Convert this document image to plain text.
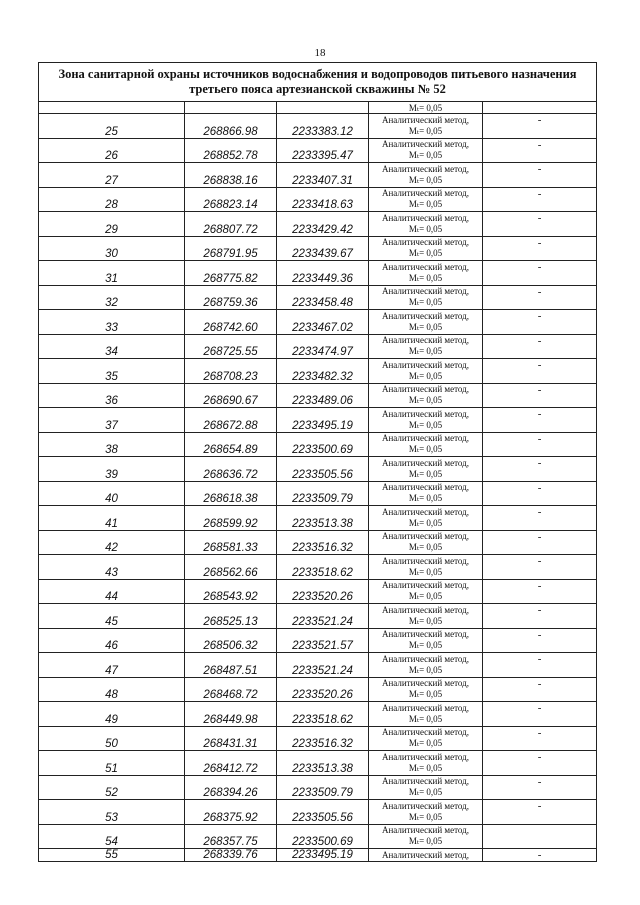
18
Зона санитарной охраны источников водоснабжения и водопроводов питьевого назначения третьего пояса артезианской скважины № 52				
			Мₜ= 0,05	
25	268866.98	2233383.12	Аналитический метод,
Мₜ= 0,05	-
26	268852.78	2233395.47	Аналитический метод,
Мₜ= 0,05	-
27	268838.16	2233407.31	Аналитический метод,
Мₜ= 0,05	-
28	268823.14	2233418.63	Аналитический метод,
Мₜ= 0,05	-
29	268807.72	2233429.42	Аналитический метод,
Мₜ= 0,05	-
30	268791.95	2233439.67	Аналитический метод,
Мₜ= 0,05	-
31	268775.82	2233449.36	Аналитический метод,
Мₜ= 0,05	-
32	268759.36	2233458.48	Аналитический метод,
Мₜ= 0,05	-
33	268742.60	2233467.02	Аналитический метод,
Мₜ= 0,05	-
34	268725.55	2233474.97	Аналитический метод,
Мₜ= 0,05	-
35	268708.23	2233482.32	Аналитический метод,
Мₜ= 0,05	-
36	268690.67	2233489.06	Аналитический метод,
Мₜ= 0,05	-
37	268672.88	2233495.19	Аналитический метод,
Мₜ= 0,05	-
38	268654.89	2233500.69	Аналитический метод,
Мₜ= 0,05	-
39	268636.72	2233505.56	Аналитический метод,
Мₜ= 0,05	-
40	268618.38	2233509.79	Аналитический метод,
Мₜ= 0,05	-
41	268599.92	2233513.38	Аналитический метод,
Мₜ= 0,05	-
42	268581.33	2233516.32	Аналитический метод,
Мₜ= 0,05	-
43	268562.66	2233518.62	Аналитический метод,
Мₜ= 0,05	-
44	268543.92	2233520.26	Аналитический метод,
Мₜ= 0,05	-
45	268525.13	2233521.24	Аналитический метод,
Мₜ= 0,05	-
46	268506.32	2233521.57	Аналитический метод,
Мₜ= 0,05	-
47	268487.51	2233521.24	Аналитический метод,
Мₜ= 0,05	-
48	268468.72	2233520.26	Аналитический метод,
Мₜ= 0,05	-
49	268449.98	2233518.62	Аналитический метод,
Мₜ= 0,05	-
50	268431.31	2233516.32	Аналитический метод,
Мₜ= 0,05	-
51	268412.72	2233513.38	Аналитический метод,
Мₜ= 0,05	-
52	268394.26	2233509.79	Аналитический метод,
Мₜ= 0,05	-
53	268375.92	2233505.56	Аналитический метод,
Мₜ= 0,05	-
54	268357.75	2233500.69	Аналитический метод,
Мₜ= 0,05	

55	268339.76	2233495.19	Аналитический метод,	-
